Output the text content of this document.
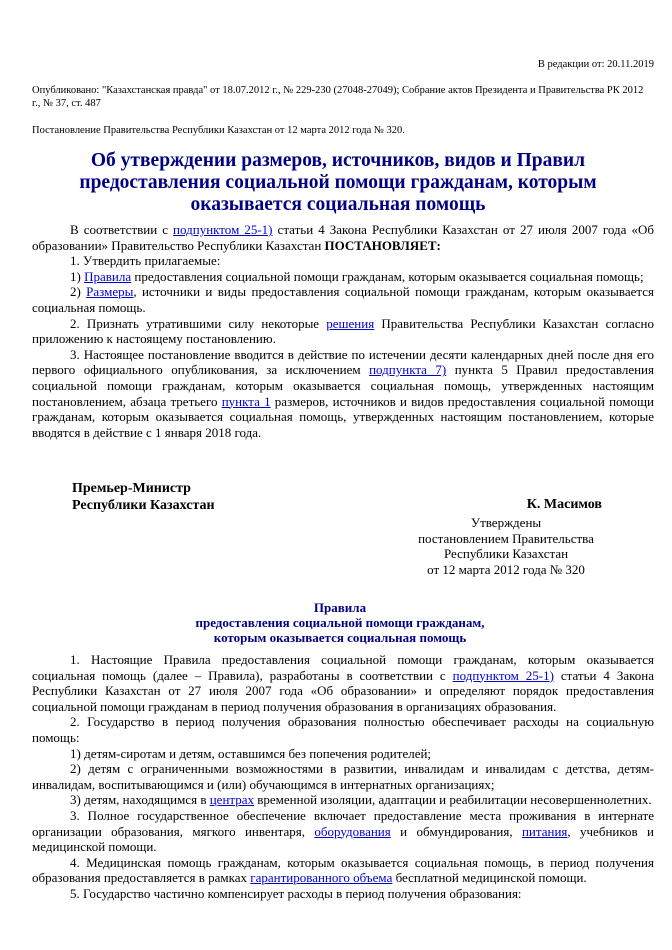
В редакции от: 20.11.2019
Опубликовано: "Казахстанская правда" от 18.07.2012 г., № 229-230 (27048-27049); Собрание актов Президента и Правительства РК 2012 г., № 37, ст. 487
Постановление Правительства Республики Казахстан от 12 марта 2012 года № 320.
Об утверждении размеров, источников, видов и Правил предоставления социальной помощи гражданам, которым оказывается социальная помощь

В соответствии с подпунктом 25-1) статьи 4 Закона Республики Казахстан от 27 июля 2007 года «Об образовании» Правительство Республики Казахстан ПОСТАНОВЛЯЕТ:

1. Утвердить прилагаемые:

1) Правила предоставления социальной помощи гражданам, которым оказывается социальная помощь;

2) Размеры, источники и виды предоставления социальной помощи гражданам, которым оказывается социальная помощь.

2. Признать утратившими силу некоторые решения Правительства Республики Казахстан согласно приложению к настоящему постановлению.

3. Настоящее постановление вводится в действие по истечении десяти календарных дней после дня его первого официального опубликования, за исключением подпункта 7) пункта 5 Правил предоставления социальной помощи гражданам, которым оказывается социальная помощь, утвержденных настоящим постановлением, абзаца третьего пункта 1 размеров, источников и видов предоставления социальной помощи гражданам, которым оказывается социальная помощь, утвержденных настоящим постановлением, которые вводятся в действие с 1 января 2018 года.

Премьер-Министр
Республики Казахстан	К. Масимов
Утверждены
постановлением Правительства
Республики Казахстан
от 12 марта 2012 года № 320
Правила
предоставления социальной помощи гражданам,
которым оказывается социальная помощь

1. Настоящие Правила предоставления социальной помощи гражданам, которым оказывается социальная помощь (далее – Правила), разработаны в соответствии с подпунктом 25-1) статьи 4 Закона Республики Казахстан от 27 июля 2007 года «Об образовании» и определяют порядок предоставления социальной помощи гражданам в период получения образования в организациях образования.

2. Государство в период получения образования полностью обеспечивает расходы на социальную помощь:

1) детям-сиротам и детям, оставшимся без попечения родителей;

2) детям с ограниченными возможностями в развитии, инвалидам и инвалидам с детства, детям-инвалидам, воспитывающимся и (или) обучающимся в интернатных организациях;

3) детям, находящимся в центрах временной изоляции, адаптации и реабилитации несовершеннолетних.

3. Полное государственное обеспечение включает предоставление места проживания в интернате организации образования, мягкого инвентаря, оборудования и обмундирования, питания, учебников и медицинской помощи.

4. Медицинская помощь гражданам, которым оказывается социальная помощь, в период получения образования предоставляется в рамках гарантированного объема бесплатной медицинской помощи.

5. Государство частично компенсирует расходы в период получения образования:
